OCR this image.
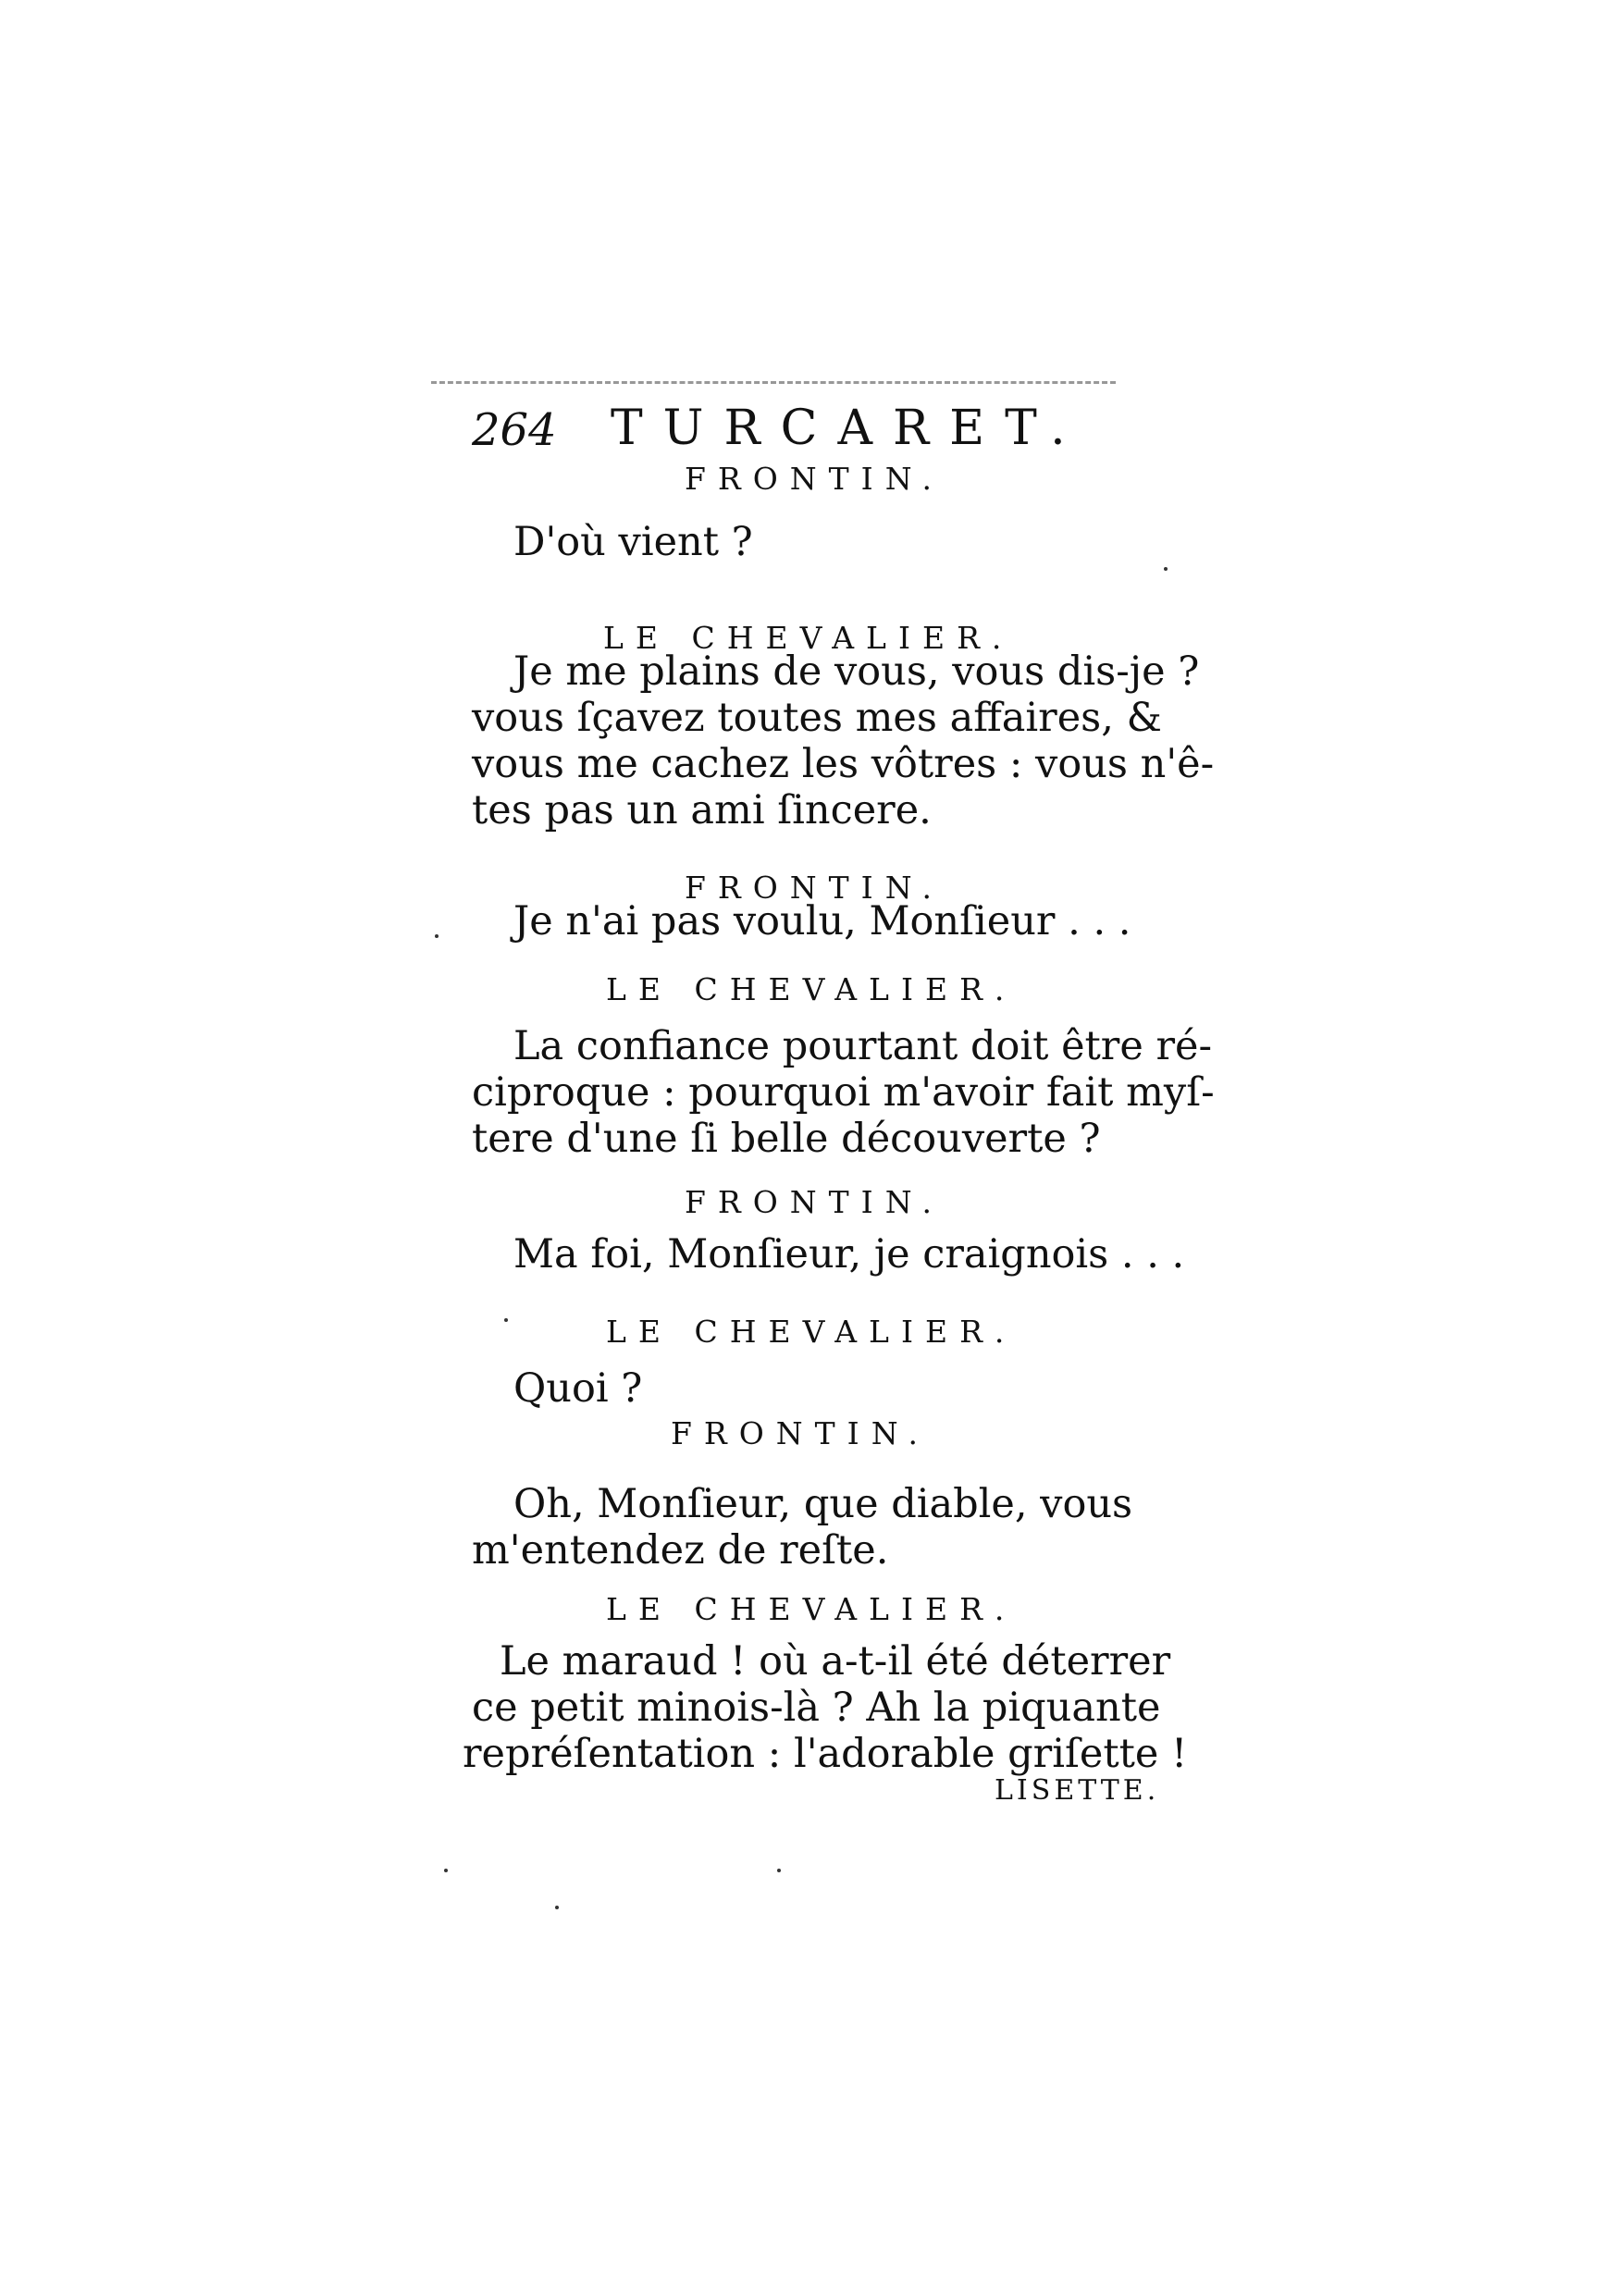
264 TURCARET.
FRONTIN.
D'où vient ?
LE CHEVALIER.
Je me plains de vous, vous dis-je ?
vous ſçavez toutes mes affaires, &
vous me cachez les vôtres : vous n'ê-
tes pas un ami ſincere.
FRONTIN.
Je n'ai pas voulu, Monſieur . . .
LE CHEVALIER.
La confiance pourtant doit être ré-
ciproque : pourquoi m'avoir fait myſ-
tere d'une ſi belle découverte ?
FRONTIN.
Ma foi, Monſieur, je craignois . . .
LE CHEVALIER.
Quoi ?
FRONTIN.
Oh, Monſieur, que diable, vous
m'entendez de reſte.
LE CHEVALIER.
Le maraud ! où a-t-il été déterrer
ce petit minois-là ? Ah la piquante
repréſentation : l'adorable griſette !
LISETTE.
